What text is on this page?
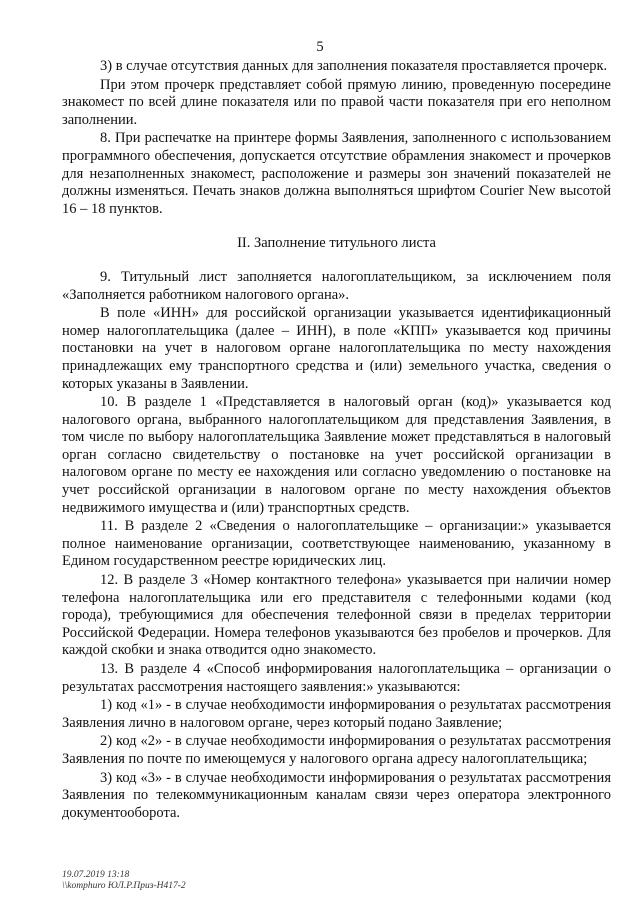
5

3) в случае отсутствия данных для заполнения показателя проставляется прочерк.

При этом прочерк представляет собой прямую линию, проведенную посередине знакомест по всей длине показателя или по правой части показателя при его неполном заполнении.

8. При распечатке на принтере формы Заявления, заполненного с использованием программного обеспечения, допускается отсутствие обрамления знакомест и прочерков для незаполненных знакомест, расположение и размеры зон значений показателей не должны изменяться. Печать знаков должна выполняться шрифтом Courier New высотой 16 – 18 пунктов.

II. Заполнение титульного листа

9. Титульный лист заполняется налогоплательщиком, за исключением поля «Заполняется работником налогового органа».

В поле «ИНН» для российской организации указывается идентификационный номер налогоплательщика (далее – ИНН), в поле «КПП» указывается код причины постановки на учет в налоговом органе налогоплательщика по месту нахождения принадлежащих ему транспортного средства и (или) земельного участка, сведения о которых указаны в Заявлении.

10. В разделе 1 «Представляется в налоговый орган (код)» указывается код налогового органа, выбранного налогоплательщиком для представления Заявления, в том числе по выбору налогоплательщика Заявление может представляться в налоговый орган согласно свидетельству о постановке на учет российской организации в налоговом органе по месту ее нахождения или согласно уведомлению о постановке на учет российской организации в налоговом органе по месту нахождения объектов недвижимого имущества и (или) транспортных средств.

11. В разделе 2 «Сведения о налогоплательщике – организации:» указывается полное наименование организации, соответствующее наименованию, указанному в Едином государственном реестре юридических лиц.

12. В разделе 3 «Номер контактного телефона» указывается при наличии номер телефона налогоплательщика или его представителя с телефонными кодами (код города), требующимися для обеспечения телефонной связи в пределах территории Российской Федерации. Номера телефонов указываются без пробелов и прочерков. Для каждой скобки и знака отводится одно знакоместо.

13. В разделе 4 «Способ информирования налогоплательщика – организации о результатах рассмотрения настоящего заявления:» указываются:

1) код «1» - в случае необходимости информирования о результатах рассмотрения Заявления лично в налоговом органе, через который подано Заявление;

2) код «2» - в случае необходимости информирования о результатах рассмотрения Заявления по почте по имеющемуся у налогового органа адресу налогоплательщика;

3) код «3» - в случае необходимости информирования о результатах рассмотрения Заявления по телекоммуникационным каналам связи через оператора электронного документооборота.

19.07.2019 13:18
\\komphuro ЮЛ.Р.Приз-Н417-2
